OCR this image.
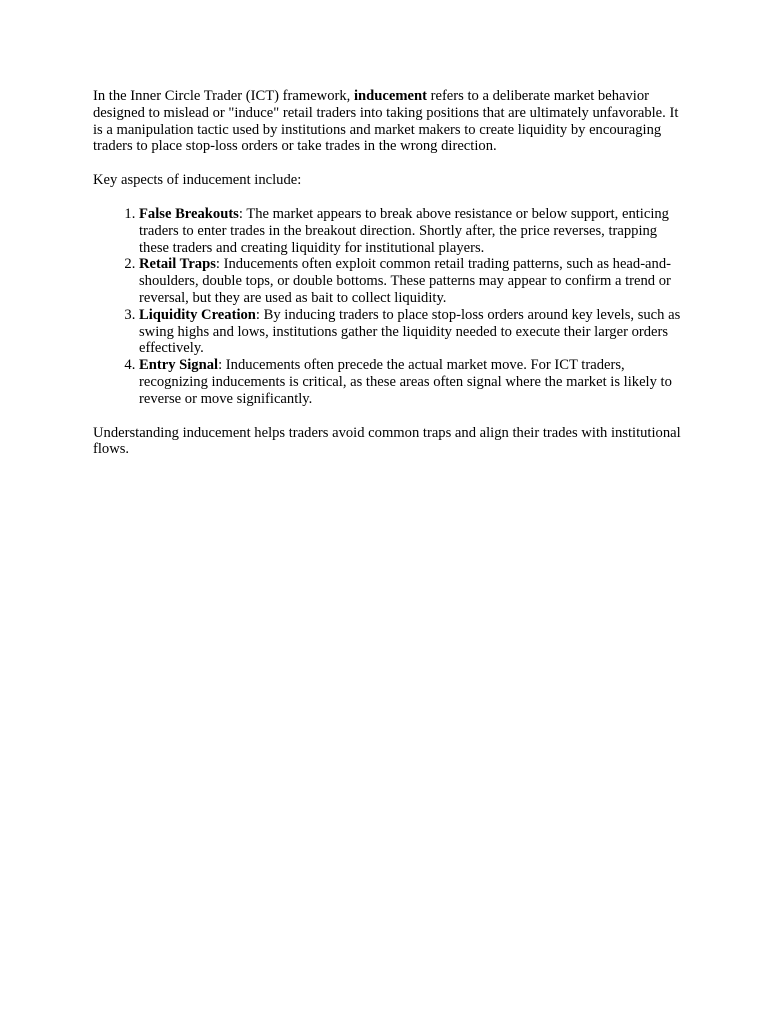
In the Inner Circle Trader (ICT) framework, inducement refers to a deliberate market behavior designed to mislead or "induce" retail traders into taking positions that are ultimately unfavorable. It is a manipulation tactic used by institutions and market makers to create liquidity by encouraging traders to place stop-loss orders or take trades in the wrong direction.

Key aspects of inducement include:

1. False Breakouts: The market appears to break above resistance or below support, enticing traders to enter trades in the breakout direction. Shortly after, the price reverses, trapping these traders and creating liquidity for institutional players.
2. Retail Traps: Inducements often exploit common retail trading patterns, such as head-and-shoulders, double tops, or double bottoms. These patterns may appear to confirm a trend or reversal, but they are used as bait to collect liquidity.
3. Liquidity Creation: By inducing traders to place stop-loss orders around key levels, such as swing highs and lows, institutions gather the liquidity needed to execute their larger orders effectively.
4. Entry Signal: Inducements often precede the actual market move. For ICT traders, recognizing inducements is critical, as these areas often signal where the market is likely to reverse or move significantly.

Understanding inducement helps traders avoid common traps and align their trades with institutional flows.
